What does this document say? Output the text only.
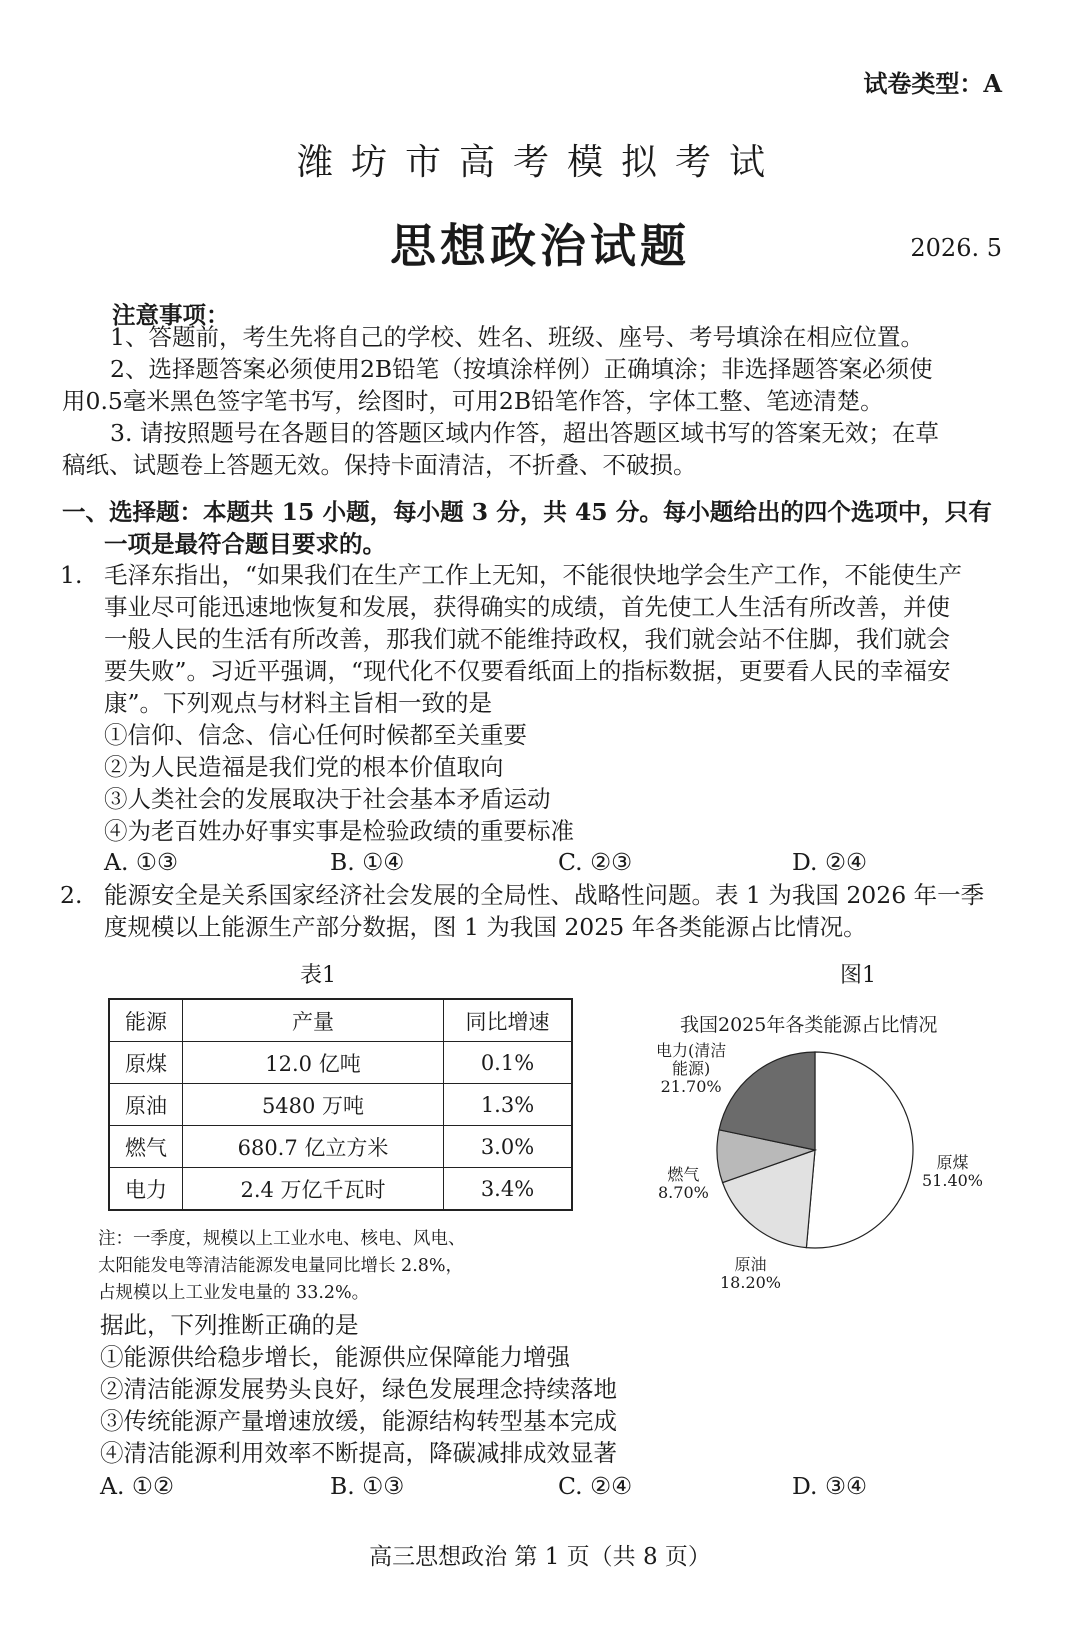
试卷类型：A
潍坊市高考模拟考试
思想政治试题	2026. 5
注意事项：
1、答题前，考生先将自己的学校、姓名、班级、座号、考号填涂在相应位置。
2、选择题答案必须使用2B铅笔（按填涂样例）正确填涂；非选择题答案必须使
用0.5毫米黑色签字笔书写，绘图时，可用2B铅笔作答，字体工整、笔迹清楚。
3. 请按照题号在各题目的答题区域内作答，超出答题区域书写的答案无效；在草
稿纸、试题卷上答题无效。保持卡面清洁，不折叠、不破损。
一、选择题：本题共 15 小题，每小题 3 分，共 45 分。每小题给出的四个选项中，只有
一项是最符合题目要求的。
1. 毛泽东指出，“如果我们在生产工作上无知，不能很快地学会生产工作，不能使生产
事业尽可能迅速地恢复和发展，获得确实的成绩，首先使工人生活有所改善，并使
一般人民的生活有所改善，那我们就不能维持政权，我们就会站不住脚，我们就会
要失败”。习近平强调，“现代化不仅要看纸面上的指标数据，更要看人民的幸福安
康”。下列观点与材料主旨相一致的是
①信仰、信念、信心任何时候都至关重要
②为人民造福是我们党的根本价值取向
③人类社会的发展取决于社会基本矛盾运动
④为老百姓办好事实事是检验政绩的重要标准
A. ①③	B. ①④	C. ②③	D. ②④
2. 能源安全是关系国家经济社会发展的全局性、战略性问题。表 1 为我国 2026 年一季
度规模以上能源生产部分数据，图 1 为我国 2025 年各类能源占比情况。
表1	图1
能源	产量	同比增速
原煤	12.0 亿吨	0.1%
原油	5480 万吨	1.3%
燃气	680.7 亿立方米	3.0%
电力	2.4 万亿千瓦时	3.4%
注：一季度，规模以上工业水电、核电、风电、
太阳能发电等清洁能源发电量同比增长 2.8%，
占规模以上工业发电量的 33.2%。
我国2025年各类能源占比情况
电力(清洁
能源)
21.70%
燃气
8.70%
原煤
51.40%
原油
18.20%
据此，下列推断正确的是
①能源供给稳步增长，能源供应保障能力增强
②清洁能源发展势头良好，绿色发展理念持续落地
③传统能源产量增速放缓，能源结构转型基本完成
④清洁能源利用效率不断提高，降碳减排成效显著
A. ①②	B. ①③	C. ②④	D. ③④
高三思想政治 第 1 页（共 8 页）
